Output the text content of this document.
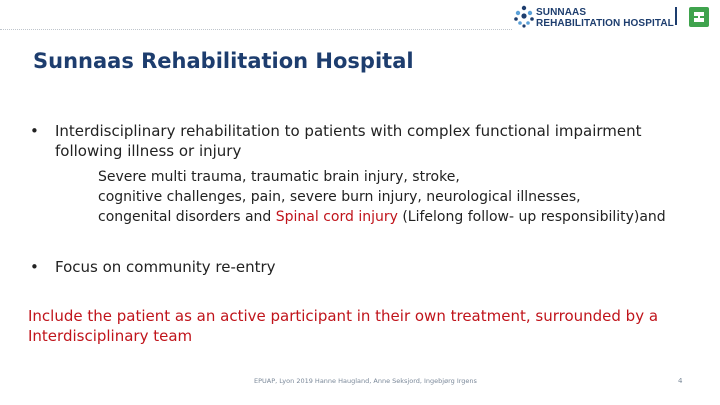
SUNNAAS
REHABILITATION HOSPITAL
Sunnaas Rehabilitation Hospital
• Interdisciplinary rehabilitation to patients with complex functional impairment following illness or injury
Severe multi trauma, traumatic brain injury, stroke,
cognitive challenges, pain, severe burn injury, neurological illnesses,
congenital disorders and Spinal cord injury (Lifelong follow- up responsibility)and
• Focus on community re-entry
Include the patient as an active participant in their own treatment, surrounded by a Interdisciplinary team
EPUAP, Lyon 2019 Hanne Haugland, Anne Seksjord, Ingebjørg Irgens	4
